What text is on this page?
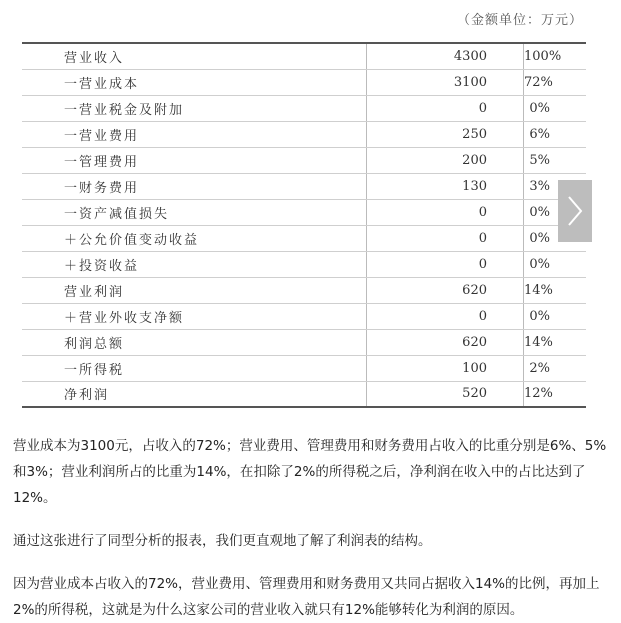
（金额单位：万元）
营业收入	4300	100%
一营业成本	3100	72%
一营业税金及附加	0	0%
一营业费用	250	6%
一管理费用	200	5%
一财务费用	130	3%
一资产减值损失	0	0%
＋公允价值变动收益	0	0%
＋投资收益	0	0%
营业利润	620	14%
＋营业外收支净额	0	0%
利润总额	620	14%
一所得税	100	2%
净利润	520	12%

营业成本为3100元，占收入的72%；营业费用、管理费用和财务费用占收入的比重分别是6%、5%和3%；营业利润所占的比重为14%，在扣除了2%的所得税之后，净利润在收入中的占比达到了12%。

通过这张进行了同型分析的报表，我们更直观地了解了利润表的结构。

因为营业成本占收入的72%，营业费用、管理费用和财务费用又共同占据收入14%的比例，再加上2%的所得税，这就是为什么这家公司的营业收入就只有12%能够转化为利润的原因。
